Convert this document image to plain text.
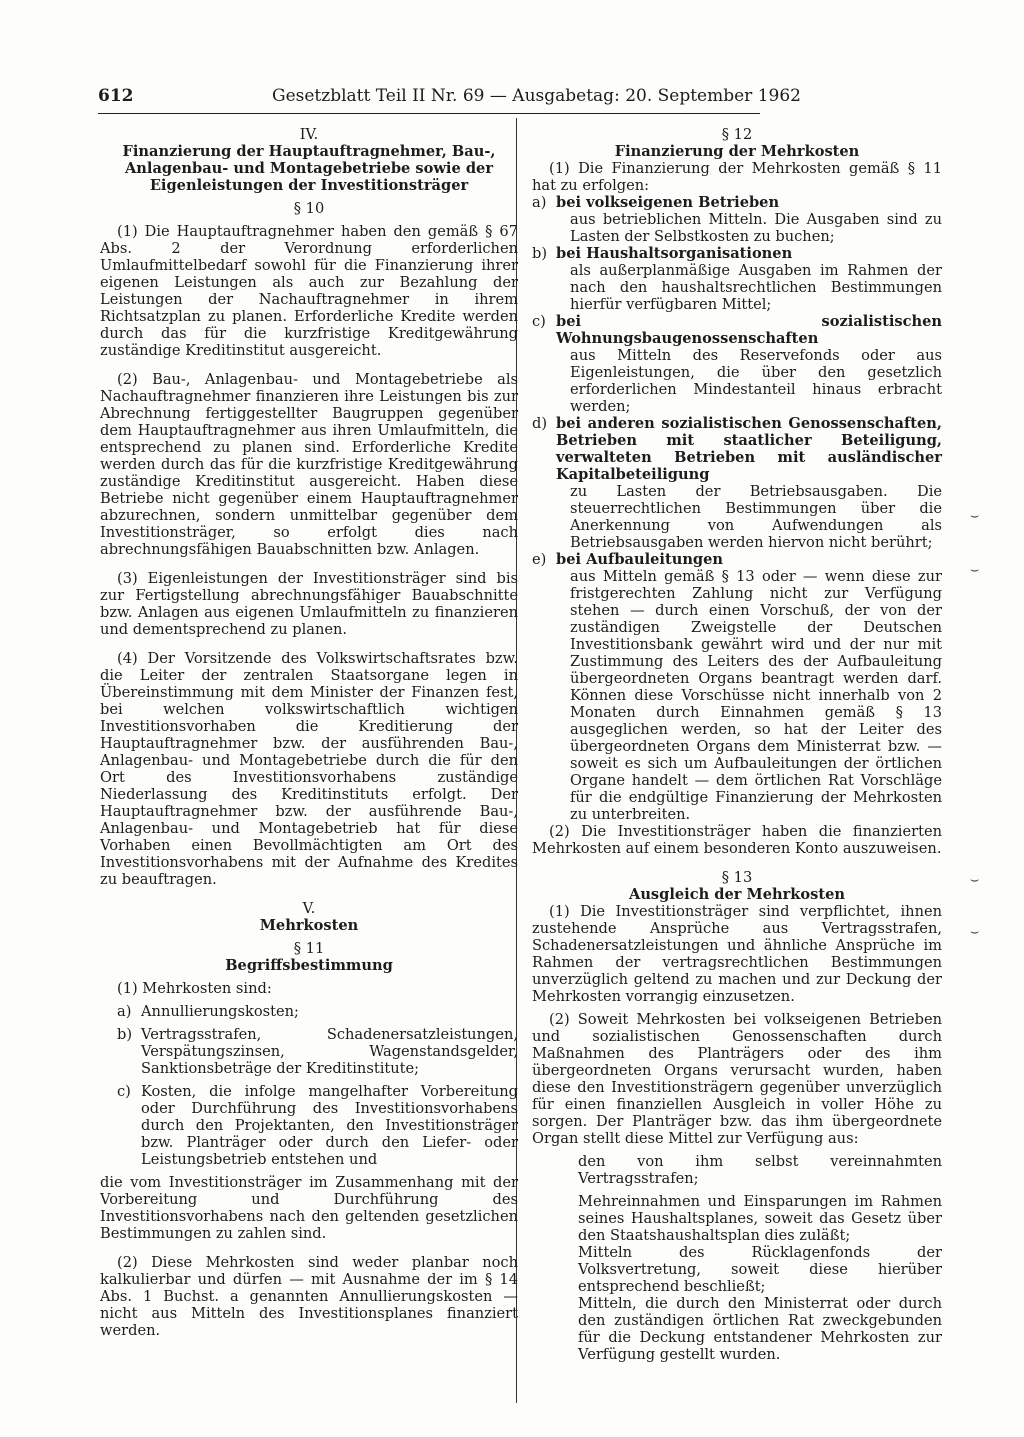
612	Gesetzblatt Teil II Nr. 69 — Ausgabetag: 20. September 1962
⌣
⌣
⌣
⌣
IV.
Finanzierung der Hauptauftragnehmer, Bau-, Anlagenbau- und Montagebetriebe sowie der Eigenleistungen der Investitionsträger
§ 10

(1) Die Hauptauftragnehmer haben den gemäß § 67 Abs. 2 der Verordnung erforderlichen Umlaufmittelbedarf sowohl für die Finanzierung ihrer eigenen Leistungen als auch zur Bezahlung der Leistungen der Nachauftragnehmer in ihrem Richtsatzplan zu planen. Erforderliche Kredite werden durch das für die kurzfristige Kreditgewährung zuständige Kreditinstitut ausgereicht.

(2) Bau-, Anlagenbau- und Montagebetriebe als Nachauftragnehmer finanzieren ihre Leistungen bis zur Abrechnung fertiggestellter Baugruppen gegenüber dem Hauptauftragnehmer aus ihren Umlaufmitteln, die entsprechend zu planen sind. Erforderliche Kredite werden durch das für die kurzfristige Kreditgewährung zuständige Kreditinstitut ausgereicht. Haben diese Betriebe nicht gegenüber einem Hauptauftragnehmer abzurechnen, sondern unmittelbar gegenüber dem Investitionsträger, so erfolgt dies nach abrechnungsfähigen Bauabschnitten bzw. Anlagen.

(3) Eigenleistungen der Investitionsträger sind bis zur Fertigstellung abrechnungsfähiger Bauabschnitte bzw. Anlagen aus eigenen Umlaufmitteln zu finanzieren und dementsprechend zu planen.

(4) Der Vorsitzende des Volkswirtschaftsrates bzw. die Leiter der zentralen Staatsorgane legen in Übereinstimmung mit dem Minister der Finanzen fest, bei welchen volkswirtschaftlich wichtigen Investitionsvorhaben die Kreditierung der Hauptauftragnehmer bzw. der ausführenden Bau-, Anlagenbau- und Montagebetriebe durch die für den Ort des Investitionsvorhabens zuständige Niederlassung des Kreditinstituts erfolgt. Der Hauptauftragnehmer bzw. der ausführende Bau-, Anlagenbau- und Montagebetrieb hat für diese Vorhaben einen Bevollmächtigten am Ort des Investitionsvorhabens mit der Aufnahme des Kredites zu beauftragen.

V.
Mehrkosten
§ 11
Begriffsbestimmung

(1) Mehrkosten sind:

a) Annullierungskosten;
b) Vertragsstrafen, Schadenersatzleistungen, Verspätungszinsen, Wagenstandsgelder, Sanktionsbeträge der Kreditinstitute;
c) Kosten, die infolge mangelhafter Vorbereitung oder Durchführung des Investitionsvorhabens durch den Projektanten, den Investitionsträger bzw. Planträger oder durch den Liefer- oder Leistungsbetrieb entstehen und

die vom Investitionsträger im Zusammenhang mit der Vorbereitung und Durchführung des Investitionsvorhabens nach den geltenden gesetzlichen Bestimmungen zu zahlen sind.

(2) Diese Mehrkosten sind weder planbar noch kalkulierbar und dürfen — mit Ausnahme der im § 14 Abs. 1 Buchst. a genannten Annullierungskosten — nicht aus Mitteln des Investitionsplanes finanziert werden.

§ 12
Finanzierung der Mehrkosten

(1) Die Finanzierung der Mehrkosten gemäß § 11 hat zu erfolgen:

a) bei volkseigenen Betrieben

aus betrieblichen Mitteln. Die Ausgaben sind zu Lasten der Selbstkosten zu buchen;

b) bei Haushaltsorganisationen

als außerplanmäßige Ausgaben im Rahmen der nach den haushaltsrechtlichen Bestimmungen hierfür verfügbaren Mittel;

c) bei sozialistischen Wohnungsbaugenossenschaften

aus Mitteln des Reservefonds oder aus Eigenleistungen, die über den gesetzlich erforderlichen Mindestanteil hinaus erbracht werden;

d) bei anderen sozialistischen Genossenschaften, Betrieben mit staatlicher Beteiligung, verwalteten Betrieben mit ausländischer Kapitalbeteiligung

zu Lasten der Betriebsausgaben. Die steuerrechtlichen Bestimmungen über die Anerkennung von Aufwendungen als Betriebsausgaben werden hiervon nicht berührt;

e) bei Aufbauleitungen

aus Mitteln gemäß § 13 oder — wenn diese zur fristgerechten Zahlung nicht zur Verfügung stehen — durch einen Vorschuß, der von der zuständigen Zweigstelle der Deutschen Investitionsbank gewährt wird und der nur mit Zustimmung des Leiters des der Aufbauleitung übergeordneten Organs beantragt werden darf. Können diese Vorschüsse nicht innerhalb von 2 Monaten durch Einnahmen gemäß § 13 ausgeglichen werden, so hat der Leiter des übergeordneten Organs dem Ministerrat bzw. — soweit es sich um Aufbauleitungen der örtlichen Organe handelt — dem örtlichen Rat Vorschläge für die endgültige Finanzierung der Mehrkosten zu unterbreiten.

(2) Die Investitionsträger haben die finanzierten Mehrkosten auf einem besonderen Konto auszuweisen.

§ 13
Ausgleich der Mehrkosten

(1) Die Investitionsträger sind verpflichtet, ihnen zustehende Ansprüche aus Vertragsstrafen, Schadenersatzleistungen und ähnliche Ansprüche im Rahmen der vertragsrechtlichen Bestimmungen unverzüglich geltend zu machen und zur Deckung der Mehrkosten vorrangig einzusetzen.

(2) Soweit Mehrkosten bei volkseigenen Betrieben und sozialistischen Genossenschaften durch Maßnahmen des Planträgers oder des ihm übergeordneten Organs verursacht wurden, haben diese den Investitionsträgern gegenüber unverzüglich für einen finanziellen Ausgleich in voller Höhe zu sorgen. Der Planträger bzw. das ihm übergeordnete Organ stellt diese Mittel zur Verfügung aus:

den von ihm selbst vereinnahmten Vertragsstrafen;

Mehreinnahmen und Einsparungen im Rahmen seines Haushaltsplanes, soweit das Gesetz über den Staatshaushaltsplan dies zuläßt;

Mitteln des Rücklagenfonds der Volksvertretung, soweit diese hierüber entsprechend beschließt;

Mitteln, die durch den Ministerrat oder durch den zuständigen örtlichen Rat zweckgebunden für die Deckung entstandener Mehrkosten zur Verfügung gestellt wurden.
